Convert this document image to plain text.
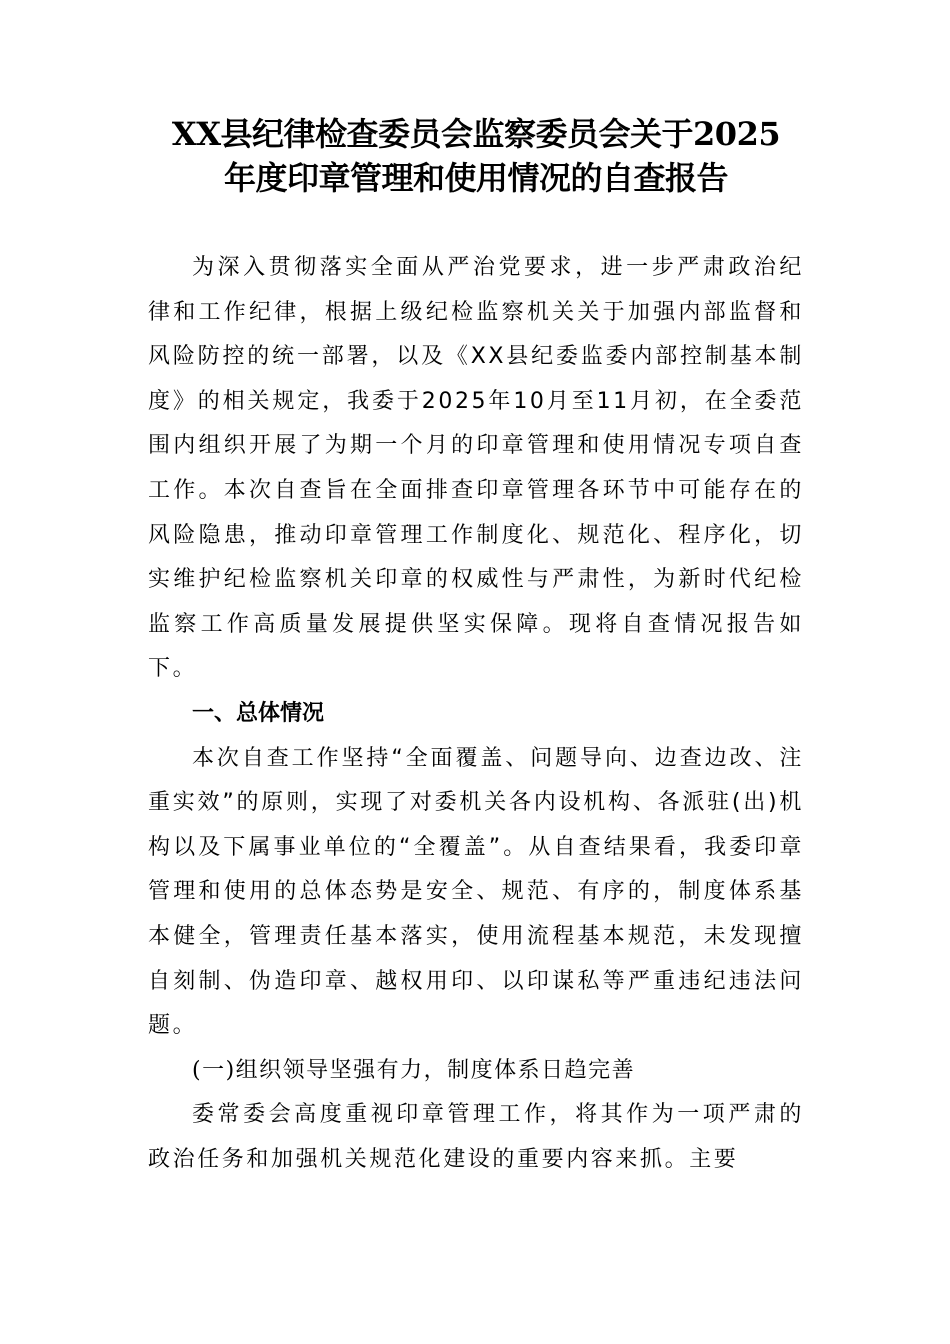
XX县纪律检查委员会监察委员会关于2025
年度印章管理和使用情况的自查报告

为深入贯彻落实全面从严治党要求，进一步严肃政治纪律和工作纪律，根据上级纪检监察机关关于加强内部监督和风险防控的统一部署，以及《XX县纪委监委内部控制基本制度》的相关规定，我委于2025年10月至11月初，在全委范围内组织开展了为期一个月的印章管理和使用情况专项自查工作。本次自查旨在全面排查印章管理各环节中可能存在的风险隐患，推动印章管理工作制度化、规范化、程序化，切实维护纪检监察机关印章的权威性与严肃性，为新时代纪检监察工作高质量发展提供坚实保障。现将自查情况报告如下。

一、总体情况

本次自查工作坚持“全面覆盖、问题导向、边查边改、注重实效”的原则，实现了对委机关各内设机构、各派驻(出)机构以及下属事业单位的“全覆盖”。从自查结果看，我委印章管理和使用的总体态势是安全、规范、有序的，制度体系基本健全，管理责任基本落实，使用流程基本规范，未发现擅自刻制、伪造印章、越权用印、以印谋私等严重违纪违法问题。

(一)组织领导坚强有力，制度体系日趋完善

委常委会高度重视印章管理工作，将其作为一项严肃的政治任务和加强机关规范化建设的重要内容来抓。主要
